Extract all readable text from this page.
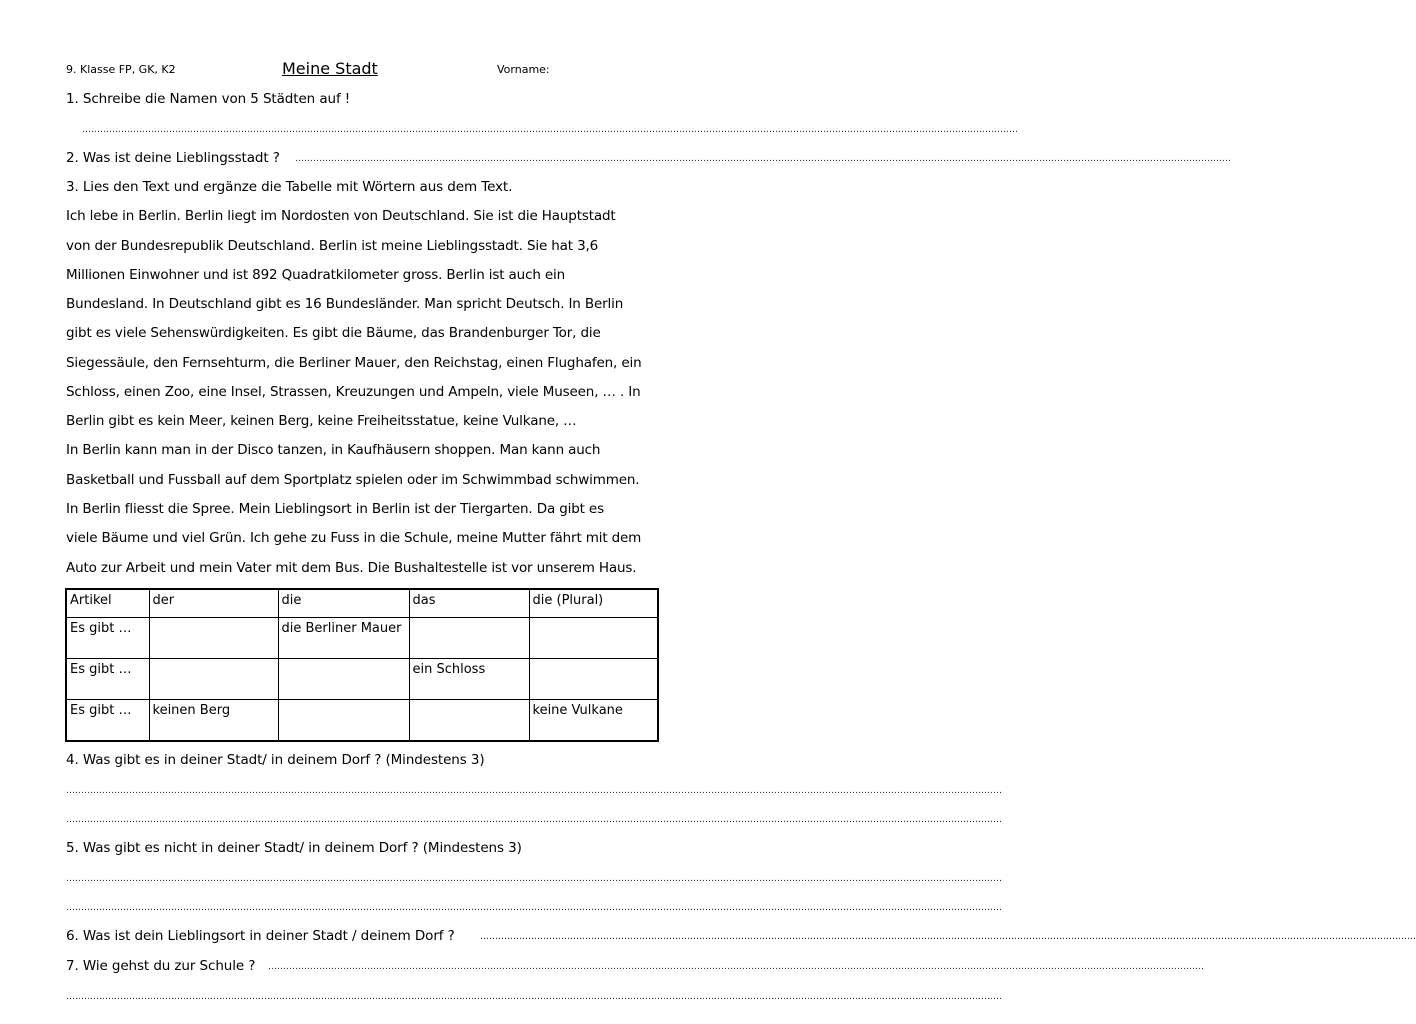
9. Klasse FP, GK, K2	Meine Stadt	Vorname:
1. Schreibe die Namen von 5 Städten auf !
……………………………………………………………………………………………………………………………………………………………………………………………………………………………………………………………………………………
2. Was ist deine Lieblingsstadt ? ……………………………………………………………………………………………………………………………………………………………………………………………………………………………………………………………………………………
3. Lies den Text und ergänze die Tabelle mit Wörtern aus dem Text.
Ich lebe in Berlin. Berlin liegt im Nordosten von Deutschland. Sie ist die Hauptstadt
von der Bundesrepublik Deutschland. Berlin ist meine Lieblingsstadt. Sie hat 3,6
Millionen Einwohner und ist 892 Quadratkilometer gross. Berlin ist auch ein
Bundesland. In Deutschland gibt es 16 Bundesländer. Man spricht Deutsch. In Berlin
gibt es viele Sehenswürdigkeiten. Es gibt die Bäume, das Brandenburger Tor, die
Siegessäule, den Fernsehturm, die Berliner Mauer, den Reichstag, einen Flughafen, ein
Schloss, einen Zoo, eine Insel, Strassen, Kreuzungen und Ampeln, viele Museen, … . In
Berlin gibt es kein Meer, keinen Berg, keine Freiheitsstatue, keine Vulkane, …
In Berlin kann man in der Disco tanzen, in Kaufhäusern shoppen. Man kann auch
Basketball und Fussball auf dem Sportplatz spielen oder im Schwimmbad schwimmen.
In Berlin fliesst die Spree. Mein Lieblingsort in Berlin ist der Tiergarten. Da gibt es
viele Bäume und viel Grün. Ich gehe zu Fuss in die Schule, meine Mutter fährt mit dem
Auto zur Arbeit und mein Vater mit dem Bus. Die Bushaltestelle ist vor unserem Haus.
Artikel	der	die	das	die (Plural)
Es gibt …		die Berliner Mauer		
Es gibt …			ein Schloss	
Es gibt …	keinen Berg			keine Vulkane
4. Was gibt es in deiner Stadt/ in deinem Dorf ? (Mindestens 3)
……………………………………………………………………………………………………………………………………………………………………………………………………………………………………………………………………………………
……………………………………………………………………………………………………………………………………………………………………………………………………………………………………………………………………………………
5. Was gibt es nicht in deiner Stadt/ in deinem Dorf ? (Mindestens 3)
……………………………………………………………………………………………………………………………………………………………………………………………………………………………………………………………………………………
……………………………………………………………………………………………………………………………………………………………………………………………………………………………………………………………………………………
6. Was ist dein Lieblingsort in deiner Stadt / deinem Dorf ?	……………………………………………………………………………………………………………………………………………………………………………………………………………………………………………………………………………………
7. Wie gehst du zur Schule ? ……………………………………………………………………………………………………………………………………………………………………………………………………………………………………………………………………………………
……………………………………………………………………………………………………………………………………………………………………………………………………………………………………………………………………………………
